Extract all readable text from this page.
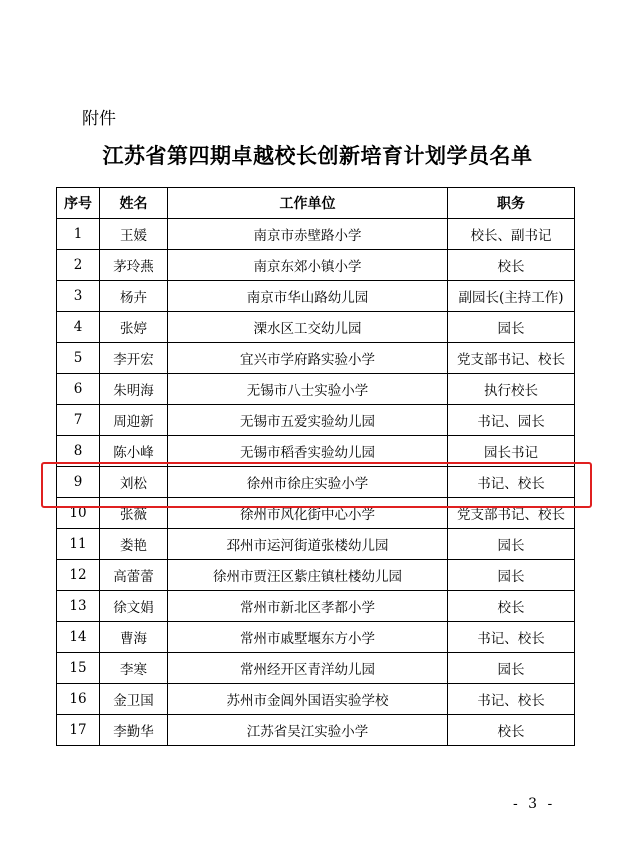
附件
江苏省第四期卓越校长创新培育计划学员名单
序号	姓名	工作单位	职务
1	王媛	南京市赤壁路小学	校长、副书记
2	茅玲燕	南京东郊小镇小学	校长
3	杨卉	南京市华山路幼儿园	副园长(主持工作)
4	张婷	溧水区工交幼儿园	园长
5	李开宏	宜兴市学府路实验小学	党支部书记、校长
6	朱明海	无锡市八士实验小学	执行校长
7	周迎新	无锡市五爱实验幼儿园	书记、园长
8	陈小峰	无锡市稻香实验幼儿园	园长书记
9	刘松	徐州市徐庄实验小学	书记、校长
10	张薇	徐州市风化街中心小学	党支部书记、校长
11	娄艳	邳州市运河街道张楼幼儿园	园长
12	高蕾蕾	徐州市贾汪区紫庄镇杜楼幼儿园	园长
13	徐文娟	常州市新北区孝都小学	校长
14	曹海	常州市戚墅堰东方小学	书记、校长
15	李寒	常州经开区青洋幼儿园	园长
16	金卫国	苏州市金阊外国语实验学校	书记、校长
17	李勤华	江苏省吴江实验小学	校长
- 3 -
